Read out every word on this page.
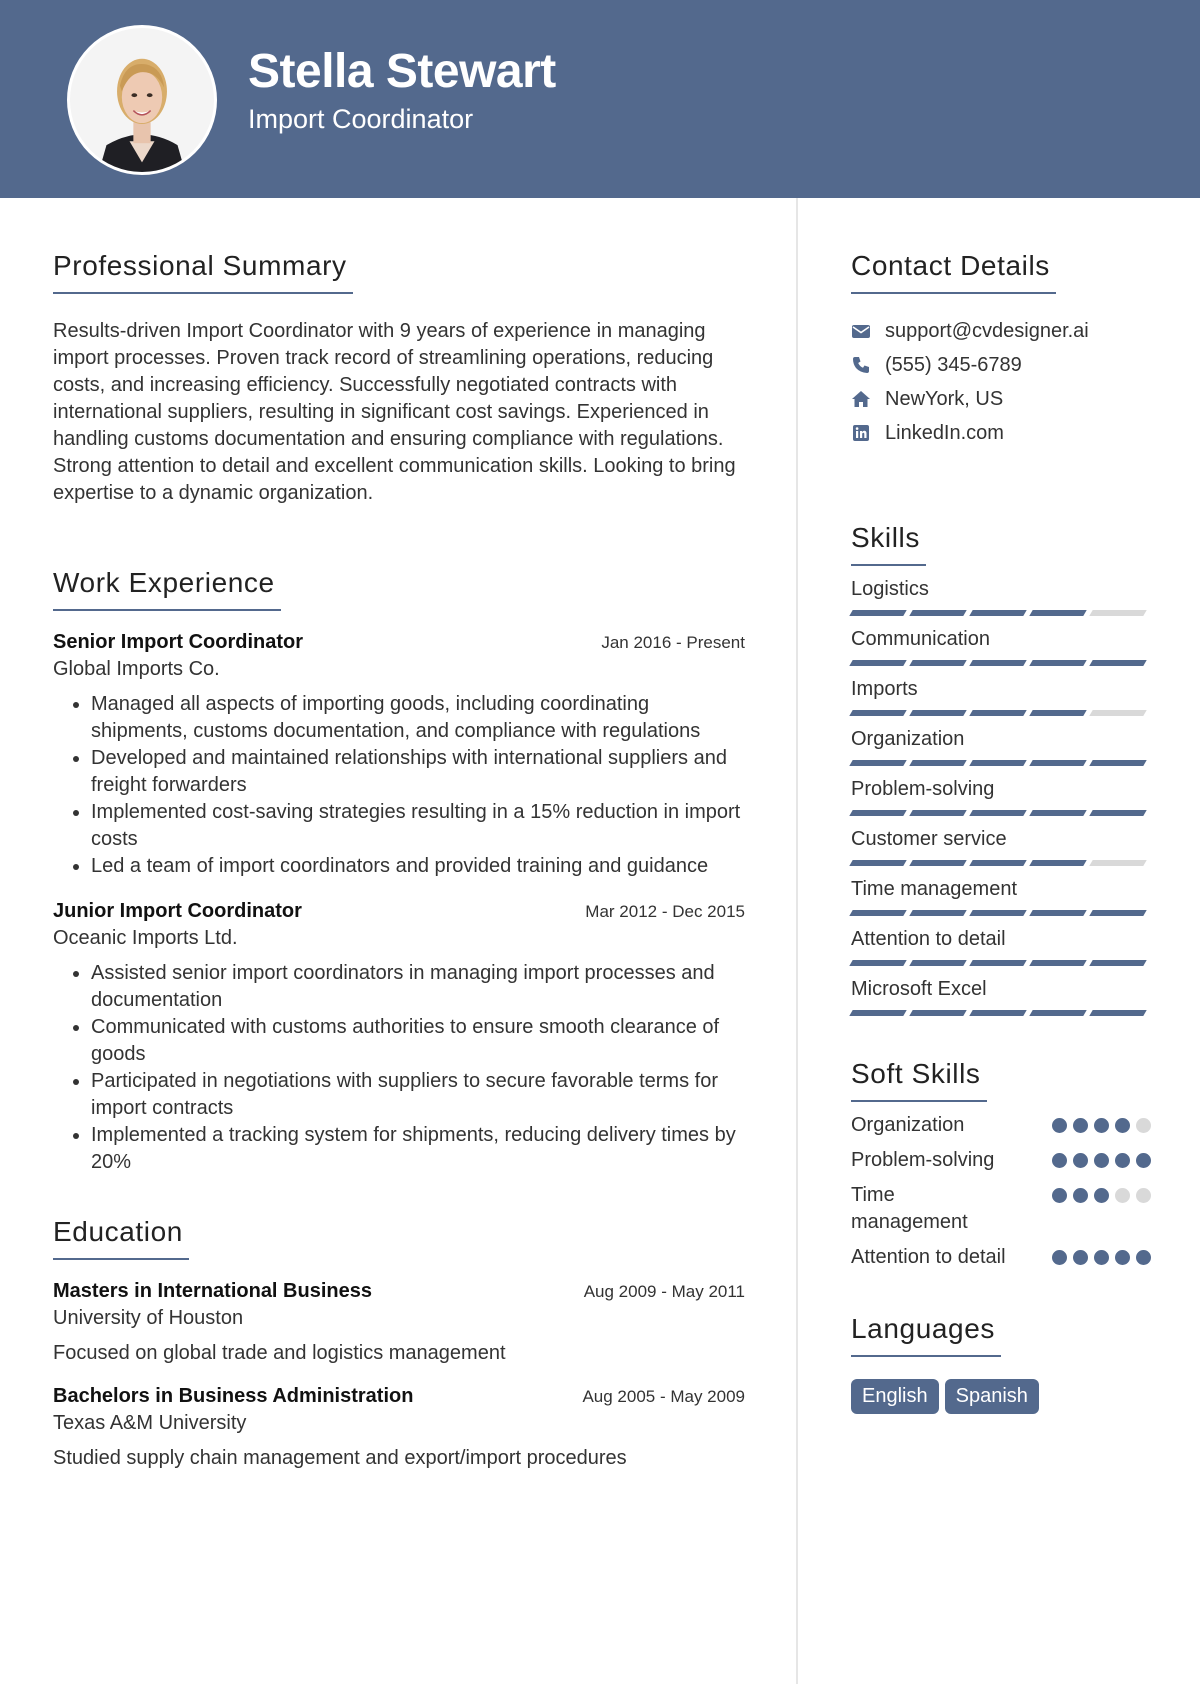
Stella Stewart
Import Coordinator
Professional Summary

Results-driven Import Coordinator with 9 years of experience in managing import processes. Proven track record of streamlining operations, reducing costs, and increasing efficiency. Successfully negotiated contracts with international suppliers, resulting in significant cost savings. Experienced in handling customs documentation and ensuring compliance with regulations. Strong attention to detail and excellent communication skills. Looking to bring expertise to a dynamic organization.

Work Experience
Senior Import Coordinator	Jan 2016 - Present
Global Imports Co.
• Managed all aspects of importing goods, including coordinating shipments, customs documentation, and compliance with regulations
• Developed and maintained relationships with international suppliers and freight forwarders
• Implemented cost-saving strategies resulting in a 15% reduction in import costs
• Led a team of import coordinators and provided training and guidance
Junior Import Coordinator	Mar 2012 - Dec 2015
Oceanic Imports Ltd.
• Assisted senior import coordinators in managing import processes and documentation
• Communicated with customs authorities to ensure smooth clearance of goods
• Participated in negotiations with suppliers to secure favorable terms for import contracts
• Implemented a tracking system for shipments, reducing delivery times by 20%
Education
Masters in International Business	Aug 2009 - May 2011
University of Houston
Focused on global trade and logistics management
Bachelors in Business Administration	Aug 2005 - May 2009
Texas A&M University
Studied supply chain management and export/import procedures
Contact Details
support@cvdesigner.ai
(555) 345-6789
NewYork, US
LinkedIn.com
Skills
Logistics
Communication
Imports
Organization
Problem-solving
Customer service
Time management
Attention to detail
Microsoft Excel
Soft Skills
Organization
Problem-solving
Time management
Attention to detail
Languages
English	Spanish
